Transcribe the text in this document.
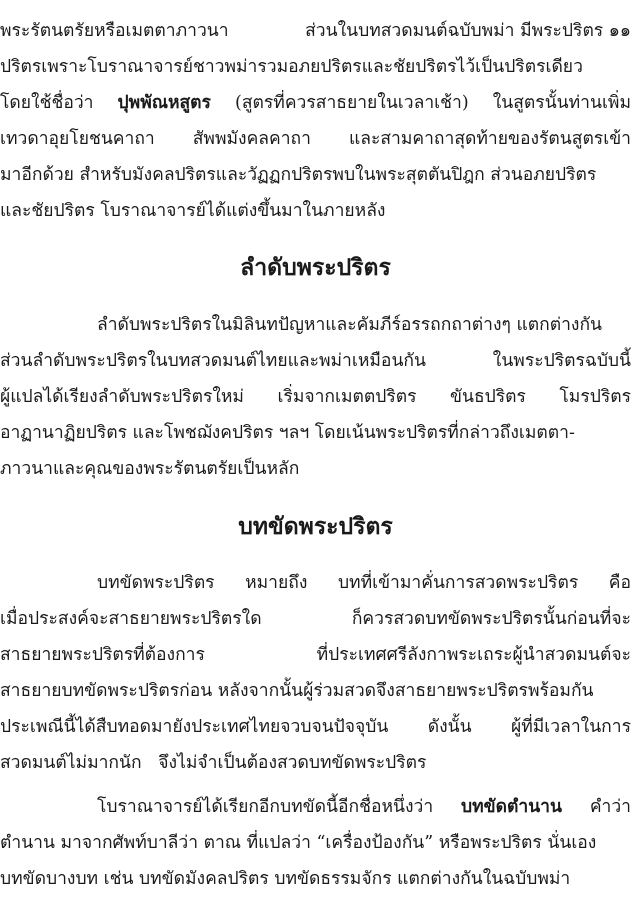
พระรัตนตรัยหรือเมตตาภาวนา	ส่วนในบทสวดมนต์ฉบับพม่า มีพระปริตร ๑๑
ปริตรเพราะโบราณาจารย์ชาวพม่ารวมอภยปริตรและชัยปริตรไว้เป็นปริตรเดียว
โดยใช้ชื่อว่า ปุพพัณหสูตร (สูตรที่ควรสาธยายในเวลาเช้า) ในสูตรนั้นท่านเพิ่ม
เทวดาอุยโยชนคาถา สัพพมังคลคาถา และสามคาถาสุดท้ายของรัตนสูตรเข้า
มาอีกด้วย สำหรับมังคลปริตรและวัฏฏกปริตรพบในพระสุตตันปิฎก ส่วนอภยปริตร
และชัยปริตร โบราณาจารย์ได้แต่งขึ้นมาในภายหลัง
ลำดับพระปริตร
ลำดับพระปริตรในมิลินทปัญหาและคัมภีร์อรรถกถาต่างๆ แตกต่างกัน
ส่วนลำดับพระปริตรในบทสวดมนต์ไทยและพม่าเหมือนกัน	ในพระปริตรฉบับนี้
ผู้แปลได้เรียงลำดับพระปริตรใหม่ เริ่มจากเมตตปริตร ขันธปริตร โมรปริตร
อาฏานาฏิยปริตร และโพชฌังคปริตร ฯลฯ โดยเน้นพระปริตรที่กล่าวถึงเมตตา-
ภาวนาและคุณของพระรัตนตรัยเป็นหลัก
บทขัดพระปริตร
บทขัดพระปริตร หมายถึง บทที่เข้ามาคั่นการสวดพระปริตร คือ
เมื่อประสงค์จะสาธยายพระปริตรใด	ก็ควรสวดบทขัดพระปริตรนั้นก่อนที่จะ
สาธยายพระปริตรที่ต้องการ	ที่ประเทศศรีลังกาพระเถระผู้นำสวดมนต์จะ
สาธยายบทขัดพระปริตรก่อน หลังจากนั้นผู้ร่วมสวดจึงสาธยายพระปริตรพร้อมกัน
ประเพณีนี้ได้สืบทอดมายังประเทศไทยจวบจนปัจจุบัน ดังนั้น ผู้ที่มีเวลาในการ
สวดมนต์ไม่มากนัก จึงไม่จำเป็นต้องสวดบทขัดพระปริตร
โบราณาจารย์ได้เรียกอีกบทขัดนี้อีกชื่อหนึ่งว่า บทขัดตำนาน คำว่า
ตำนาน มาจากศัพท์บาลีว่า ตาณ ที่แปลว่า “เครื่องป้องกัน” หรือพระปริตร นั่นเอง
บทขัดบางบท เช่น บทขัดมังคลปริตร บทขัดธรรมจักร แตกต่างกันในฉบับพม่า
